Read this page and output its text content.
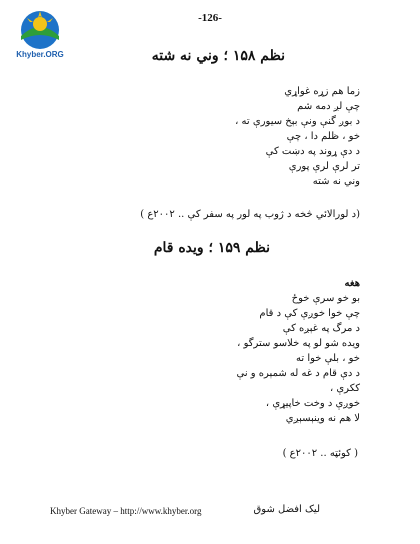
Khyber.ORG
-126-
نظم ۱۵۸ ؛ وني نه شته
زما هم زړه غواړي
چې لږ دمه شم
د بوږ گنې ونې بېخ سيورې ته ،
خو ، ظلم دا ، چې
د دې ړوند په دښت کې
تر لرې لرې پورې
وني نه شته
(د لورالائي څخه د ژوب په لور په سفر کې .. ۲۰۰۲ع )
نظم ۱۵۹ ؛ ويده قام
هغه
بو خو سرې خوځ
چې خوا خوږې کې د قام
د مرگ په غېږه کې
ويده شو لو په خلاسو سترگو ،
خو ، بلې خوا ته
د دې قام د غه له شمېره و نې
ککرې ،
خوږې د وخت خاپيړې ،
لا هم نه وينېسېږي
( کوئټه .. ۲۰۰۲ع )
Khyber Gateway – http://www.khyber.org	ليک افضل شوق
